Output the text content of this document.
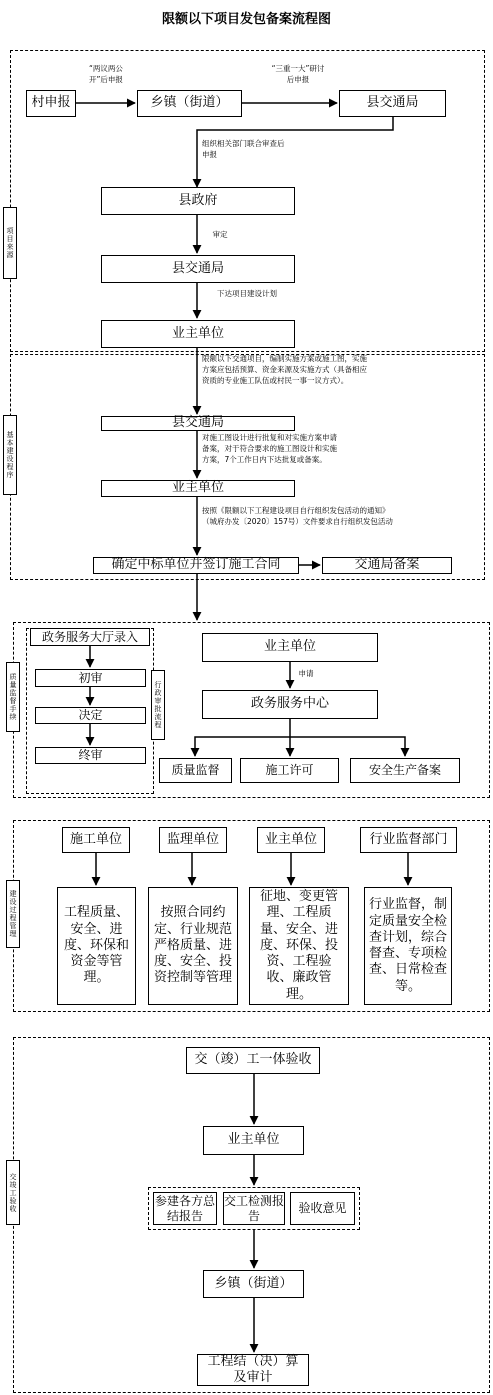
限额以下项目发包备案流程图
项目来源
“两议两公开”后申报
“三重一大”研讨后申报
村申报	乡镇（街道）	县交通局
组织相关部门联合审查后申报
县政府
审定
县交通局
下达项目建设计划
业主单位
基本建设程序
限额以下交通项目，编制实施方案或施工图，实施方案应包括预算、资金来源及实施方式（具备相应资质的专业施工队伍或村民一事一议方式）。
县交通局
对施工图设计进行批复和对实施方案申请备案，对于符合要求的施工图设计和实施方案，7个工作日内下达批复或备案。
业主单位
按照《限额以下工程建设项目自行组织发包活动的通知》（城府办发〔2020〕157号）文件要求自行组织发包活动
确定中标单位并签订施工合同	交通局备案
质量监督手续	行政审批流程
政务服务大厅录入
初审
决定
终审
业主单位
申请
政务服务中心
质量监督	施工许可	安全生产备案
建设过程管理
施工单位	监理单位	业主单位	行业监督部门
工程质量、安全、进度、环保和资金等管理。
按照合同约定、行业规范严格质量、进度、安全、投资控制等管理
征地、变更管理、工程质量、安全、进度、环保、投资、工程验收、廉政管理。
行业监督，制定质量安全检查计划，综合督查、专项检查、日常检查等。
交竣工验收
交（竣）工一体验收
业主单位
参建各方总结报告
交工检测报告
验收意见
乡镇（街道）
工程结（决）算及审计
